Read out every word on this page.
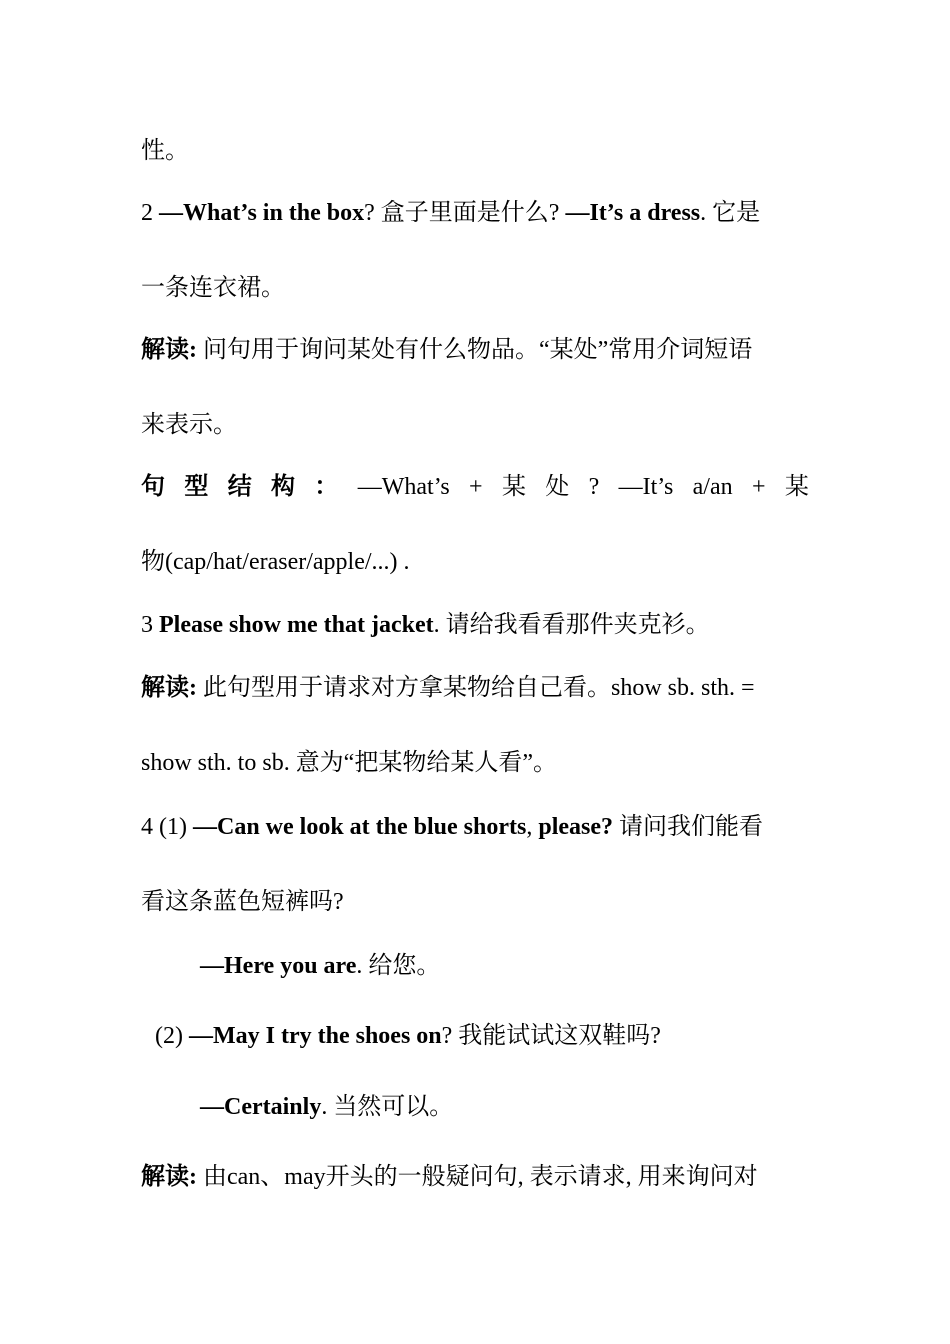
性。
2 —What’s in the box? 盒子里面是什么? —It’s a dress. 它是
一条连衣裙。
解读: 问句用于询问某处有什么物品。“某处”常用介词短语
来表示。
句 型 结 构 ： —What’s + 某 处 ? —It’s a/an + 某
物(cap/hat/eraser/apple/...) .
3 Please show me that jacket. 请给我看看那件夹克衫。
解读: 此句型用于请求对方拿某物给自己看。show sb. sth. =
show sth. to sb. 意为“把某物给某人看”。
4 (1) —Can we look at the blue shorts, please? 请问我们能看
看这条蓝色短裤吗?
—Here you are. 给您。
(2) —May I try the shoes on? 我能试试这双鞋吗?
—Certainly. 当然可以。
解读: 由can、may开头的一般疑问句, 表示请求, 用来询问对
